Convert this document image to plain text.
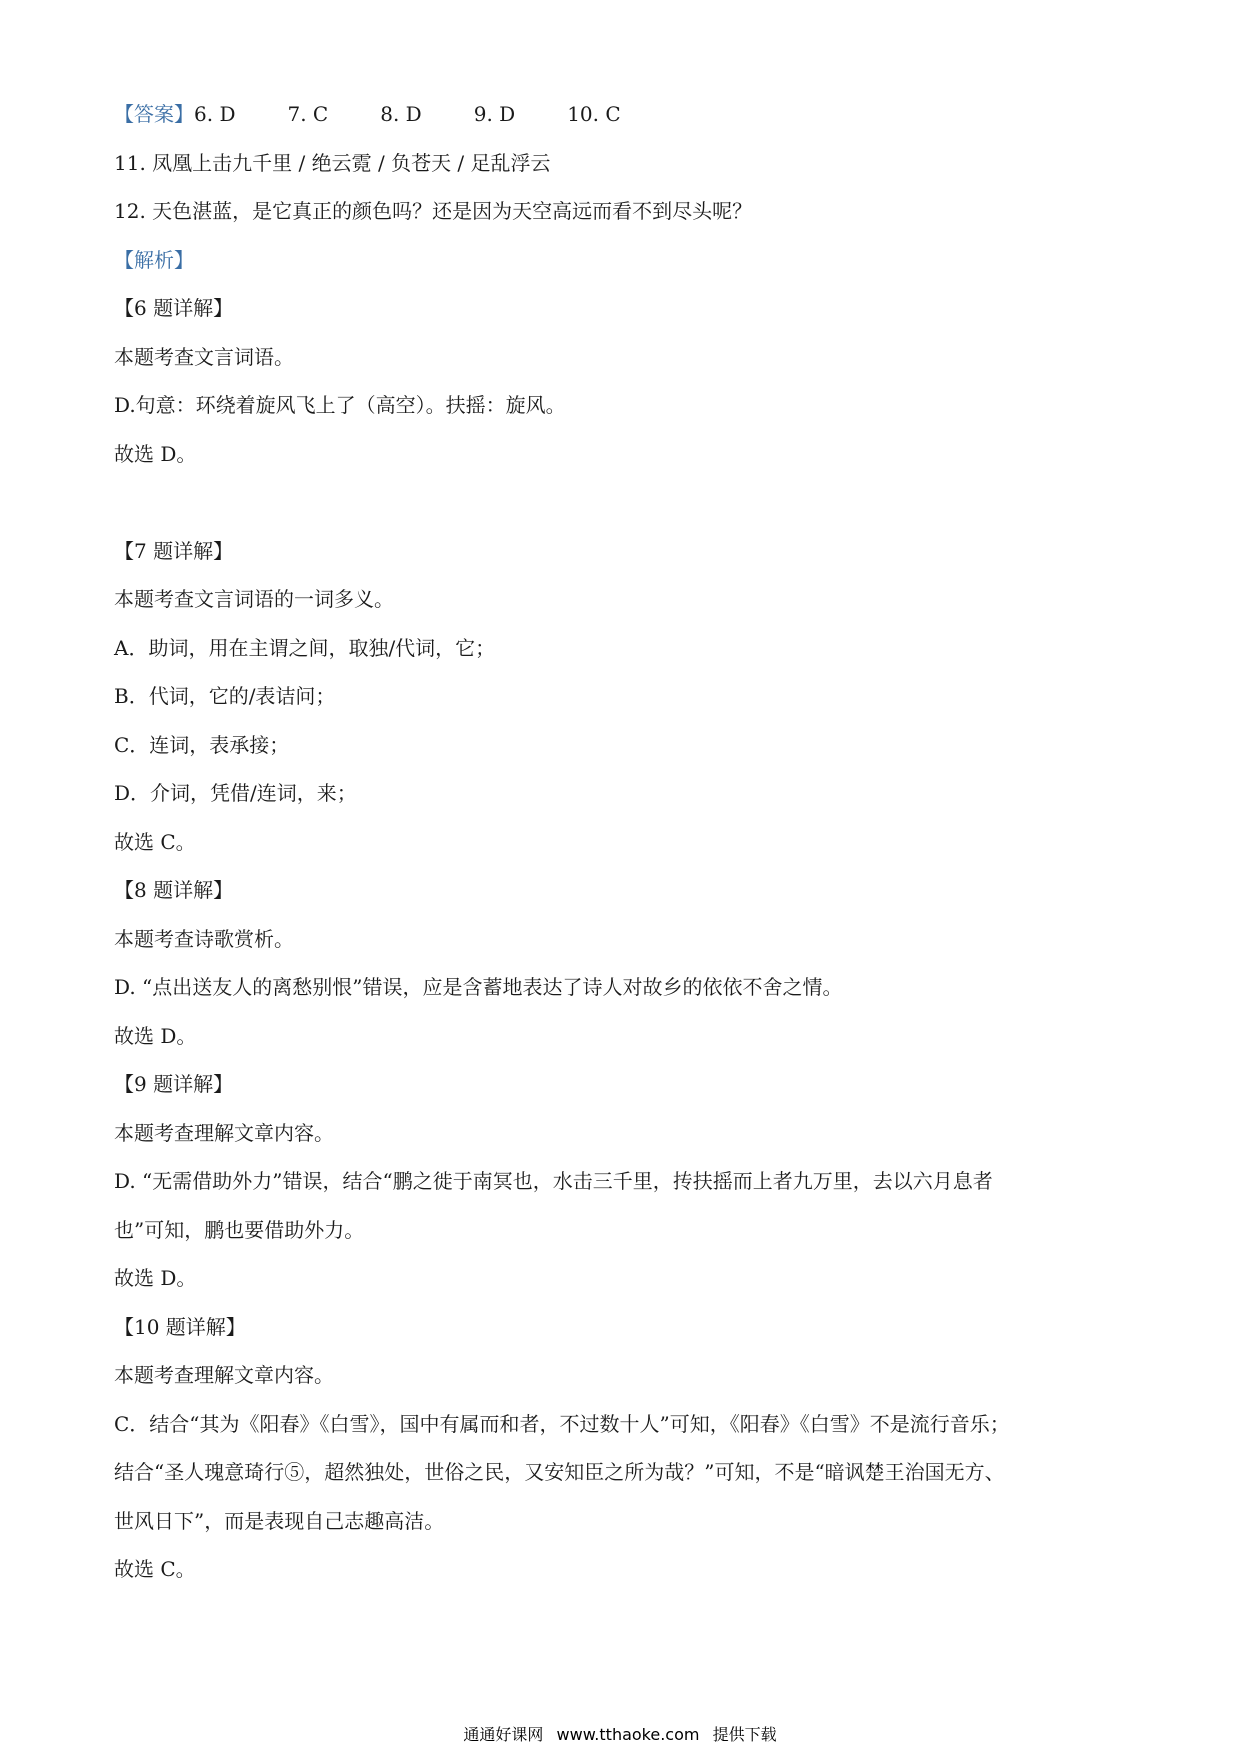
【答案】6. D	7. C	8. D	9. D	10. C
11. 凤凰上击九千里 / 绝云霓 / 负苍天 / 足乱浮云
12. 天色湛蓝，是它真正的颜色吗？还是因为天空高远而看不到尽头呢？
【解析】
【6 题详解】
本题考查文言词语。
D.句意：环绕着旋风飞上了（高空）。扶摇：旋风。
故选 D。
【7 题详解】
本题考查文言词语的一词多义。
A．助词，用在主谓之间，取独/代词，它；
B．代词，它的/表诘问；
C．连词，表承接；
D．介词，凭借/连词，来；
故选 C。
【8 题详解】
本题考查诗歌赏析。
D. “点出送友人的离愁别恨”错误，应是含蓄地表达了诗人对故乡的依依不舍之情。
故选 D。
【9 题详解】
本题考查理解文章内容。
D. “无需借助外力”错误，结合“鹏之徙于南冥也，水击三千里，抟扶摇而上者九万里，去以六月息者
也”可知，鹏也要借助外力。
故选 D。
【10 题详解】
本题考查理解文章内容。
C．结合“其为《阳春》《白雪》，国中有属而和者，不过数十人”可知，《阳春》《白雪》不是流行音乐；
结合“圣人瑰意琦行⑤，超然独处，世俗之民，又安知臣之所为哉？”可知，不是“暗讽楚王治国无方、
世风日下”，而是表现自己志趣高洁。
故选 C。
通通好课网 www.tthaoke.com 提供下载
